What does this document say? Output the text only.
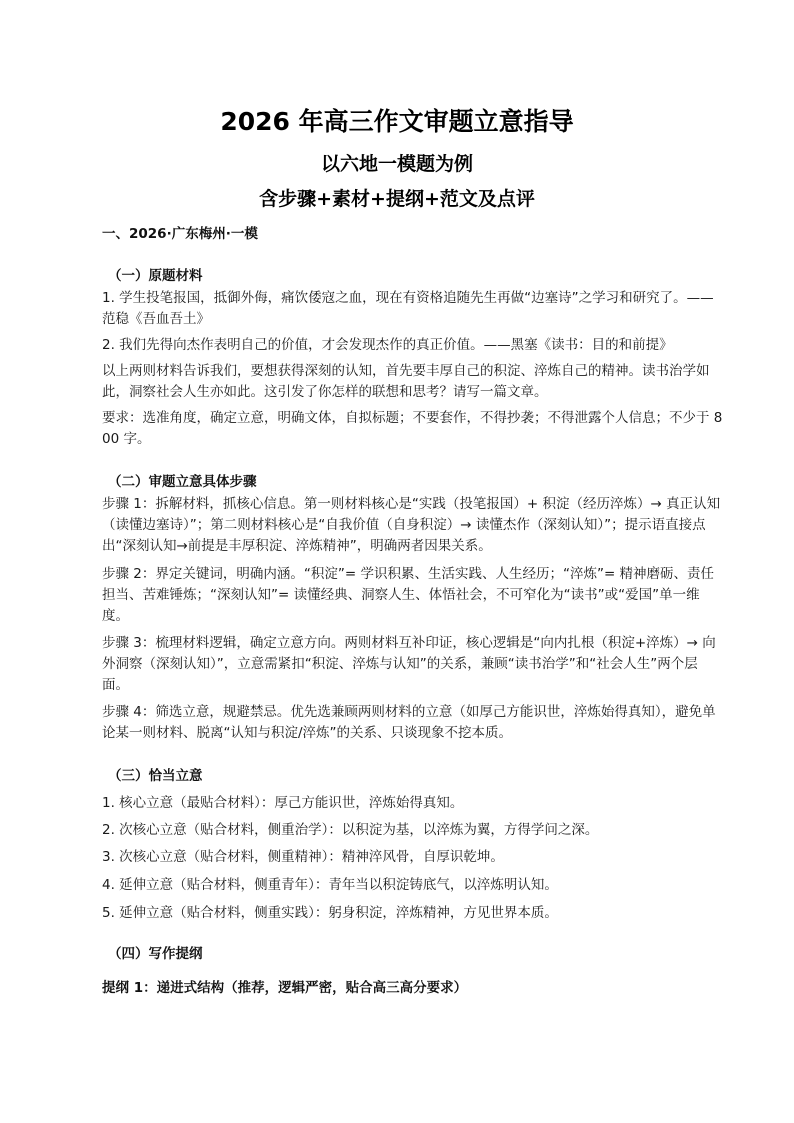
2026 年高三作文审题立意指导
以六地一模题为例
含步骤+素材+提纲+范文及点评
一、2026·广东梅州·一模
（一）原题材料
1. 学生投笔报国，抵御外侮，痛饮倭寇之血，现在有资格追随先生再做“边塞诗”之学习和研究了。——范稳《吾血吾土》
2. 我们先得向杰作表明自己的价值，才会发现杰作的真正价值。——黑塞《读书：目的和前提》
以上两则材料告诉我们，要想获得深刻的认知，首先要丰厚自己的积淀、淬炼自己的精神。读书治学如此，洞察社会人生亦如此。这引发了你怎样的联想和思考？请写一篇文章。
要求：选准角度，确定立意，明确文体，自拟标题；不要套作，不得抄袭；不得泄露个人信息；不少于 800 字。
（二）审题立意具体步骤
步骤 1：拆解材料，抓核心信息。第一则材料核心是“实践（投笔报国）+ 积淀（经历淬炼）→ 真正认知（读懂边塞诗）”；第二则材料核心是“自我价值（自身积淀）→ 读懂杰作（深刻认知）”；提示语直接点出“深刻认知→前提是丰厚积淀、淬炼精神”，明确两者因果关系。
步骤 2：界定关键词，明确内涵。“积淀”= 学识积累、生活实践、人生经历；“淬炼”= 精神磨砺、责任担当、苦难锤炼；“深刻认知”= 读懂经典、洞察人生、体悟社会，不可窄化为“读书”或“爱国”单一维度。
步骤 3：梳理材料逻辑，确定立意方向。两则材料互补印证，核心逻辑是“向内扎根（积淀+淬炼）→ 向外洞察（深刻认知）”，立意需紧扣“积淀、淬炼与认知”的关系，兼顾“读书治学”和“社会人生”两个层面。
步骤 4：筛选立意，规避禁忌。优先选兼顾两则材料的立意（如厚己方能识世，淬炼始得真知），避免单论某一则材料、脱离“认知与积淀/淬炼”的关系、只谈现象不挖本质。
（三）恰当立意
1. 核心立意（最贴合材料）：厚己方能识世，淬炼始得真知。
2. 次核心立意（贴合材料，侧重治学）：以积淀为基，以淬炼为翼，方得学问之深。
3. 次核心立意（贴合材料，侧重精神）：精神淬风骨，自厚识乾坤。
4. 延伸立意（贴合材料，侧重青年）：青年当以积淀铸底气，以淬炼明认知。
5. 延伸立意（贴合材料，侧重实践）：躬身积淀，淬炼精神，方见世界本质。
（四）写作提纲
提纲 1：递进式结构（推荐，逻辑严密，贴合高三高分要求）
